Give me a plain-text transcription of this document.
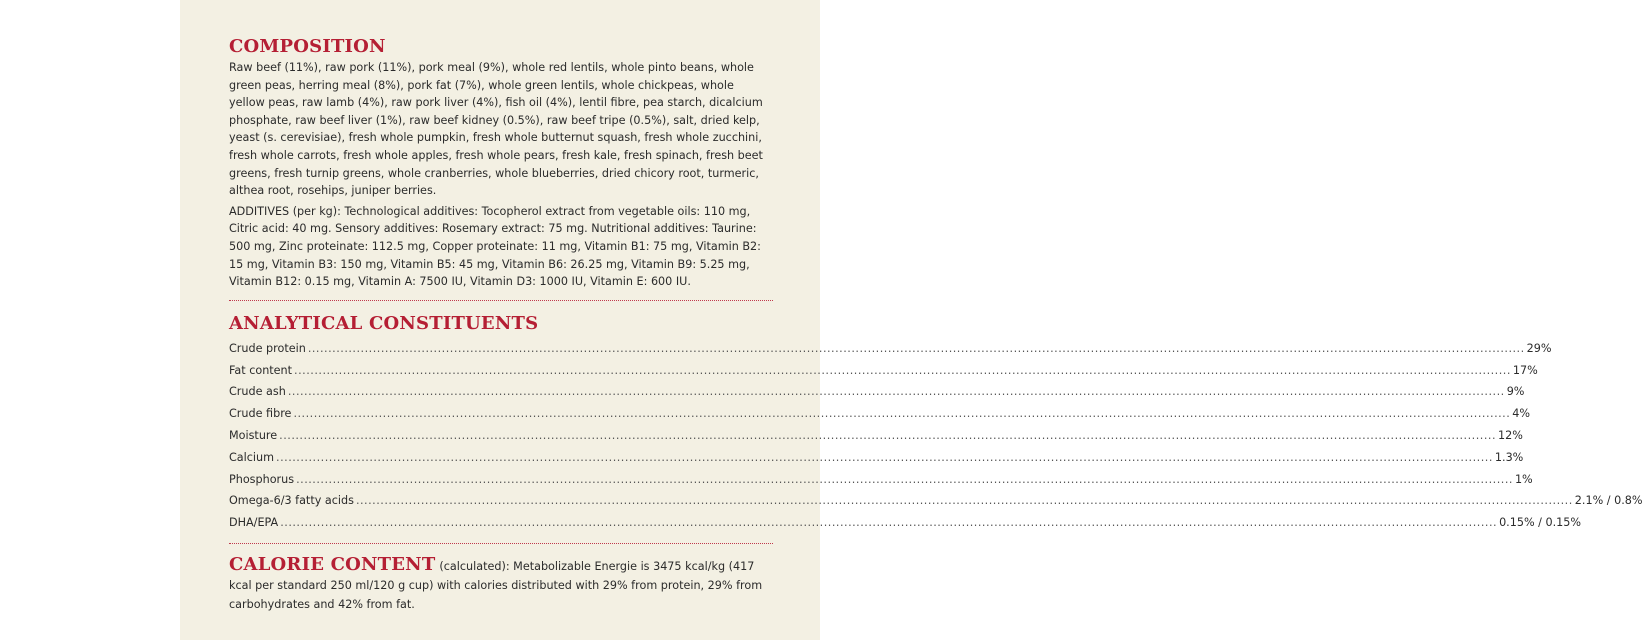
COMPOSITION

Raw beef (11%), raw pork (11%), pork meal (9%), whole red lentils, whole pinto beans, whole green peas, herring meal (8%), pork fat (7%), whole green lentils, whole chickpeas, whole yellow peas, raw lamb (4%), raw pork liver (4%), fish oil (4%), lentil fibre, pea starch, dicalcium phosphate, raw beef liver (1%), raw beef kidney (0.5%), raw beef tripe (0.5%), salt, dried kelp, yeast (s. cerevisiae), fresh whole pumpkin, fresh whole butternut squash, fresh whole zucchini, fresh whole carrots, fresh whole apples, fresh whole pears, fresh kale, fresh spinach, fresh beet greens, fresh turnip greens, whole cranberries, whole blueberries, dried chicory root, turmeric, althea root, rosehips, juniper berries.

ADDITIVES (per kg): Technological additives: Tocopherol extract from vegetable oils: 110 mg, Citric acid: 40 mg. Sensory additives: Rosemary extract: 75 mg. Nutritional additives: Taurine: 500 mg, Zinc proteinate: 112.5 mg, Copper proteinate: 11 mg, Vitamin B1: 75 mg, Vitamin B2: 15 mg, Vitamin B3: 150 mg, Vitamin B5: 45 mg, Vitamin B6: 26.25 mg, Vitamin B9: 5.25 mg, Vitamin B12: 0.15 mg, Vitamin A: 7500 IU, Vitamin D3: 1000 IU, Vitamin E: 600 IU.

ANALYTICAL CONSTITUENTS
Crude protein ............................................................................................................................................................................................................................................................................................................ 29%
Fat content ............................................................................................................................................................................................................................................................................................................ 17%
Crude ash ............................................................................................................................................................................................................................................................................................................ 9%
Crude fibre ............................................................................................................................................................................................................................................................................................................ 4%
Moisture ............................................................................................................................................................................................................................................................................................................ 12%
Calcium ............................................................................................................................................................................................................................................................................................................ 1.3%
Phosphorus ............................................................................................................................................................................................................................................................................................................ 1%
Omega-6/3 fatty acids ............................................................................................................................................................................................................................................................................................................ 2.1% / 0.8%
DHA/EPA ............................................................................................................................................................................................................................................................................................................ 0.15% / 0.15%

CALORIE CONTENT (calculated): Metabolizable Energie is 3475 kcal/kg (417 kcal per standard 250 ml/120 g cup) with calories distributed with 29% from protein, 29% from carbohydrates and 42% from fat.
